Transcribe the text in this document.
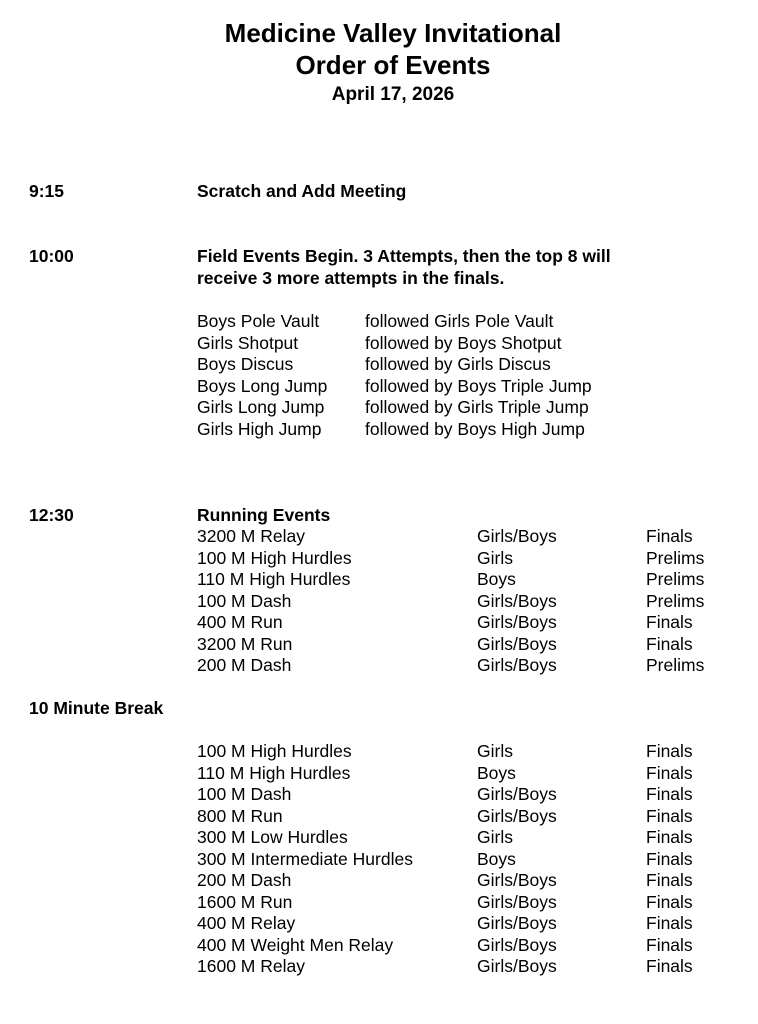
Medicine Valley Invitational
Order of Events
April 17, 2026
9:15	Scratch and Add Meeting
10:00	Field Events Begin. 3 Attempts, then the top 8 will receive 3 more attempts in the finals.
Boys Pole Vault	followed Girls Pole Vault
Girls Shotput	followed by Boys Shotput
Boys Discus	followed by Girls Discus
Boys Long Jump followed by Boys Triple Jump
Girls Long Jump followed by Girls Triple Jump
Girls High Jump followed by Boys High Jump
12:30	Running Events
3200 M Relay	Girls/Boys	Finals
100 M High Hurdles	Girls	Prelims
110 M High Hurdles	Boys	Prelims
100 M Dash	Girls/Boys	Prelims
400 M Run	Girls/Boys	Finals
3200 M Run	Girls/Boys	Finals
200 M Dash	Girls/Boys	Prelims
10 Minute Break
100 M High Hurdles	Girls	Finals
110 M High Hurdles	Boys	Finals
100 M Dash	Girls/Boys	Finals
800 M Run	Girls/Boys	Finals
300 M Low Hurdles	Girls	Finals
300 M Intermediate Hurdles	Boys	Finals
200 M Dash	Girls/Boys	Finals
1600 M Run	Girls/Boys	Finals
400 M Relay	Girls/Boys	Finals
400 M Weight Men Relay	Girls/Boys	Finals
1600 M Relay	Girls/Boys	Finals
